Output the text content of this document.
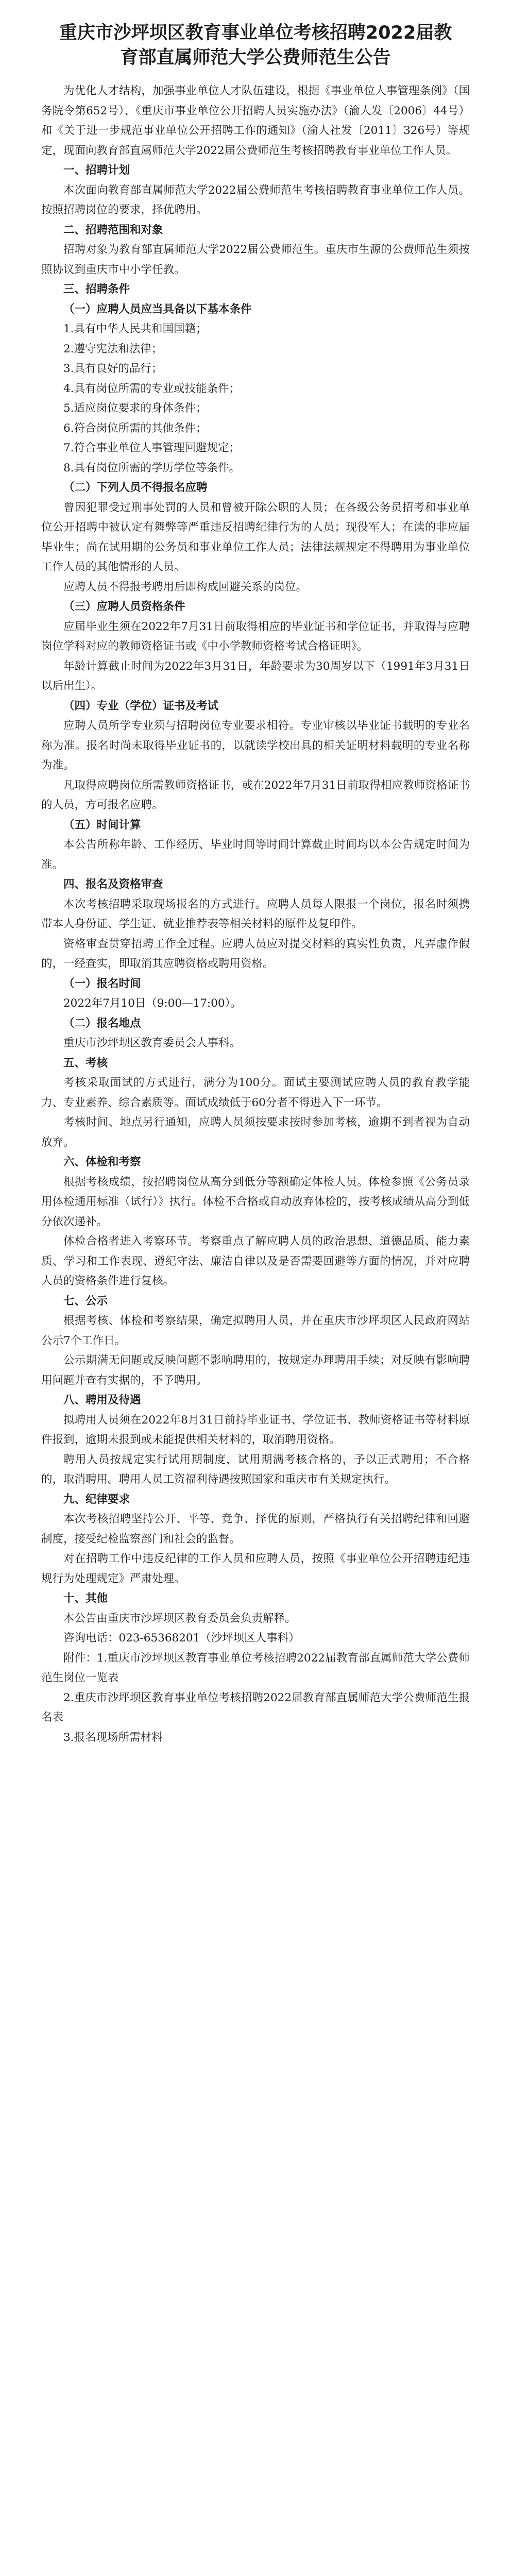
重庆市沙坪坝区教育事业单位考核招聘2022届教育部直属师范大学公费师范生公告

为优化人才结构，加强事业单位人才队伍建设，根据《事业单位人事管理条例》（国务院令第652号）、《重庆市事业单位公开招聘人员实施办法》（渝人发〔2006〕44号）和《关于进一步规范事业单位公开招聘工作的通知》（渝人社发〔2011〕326号）等规定，现面向教育部直属师范大学2022届公费师范生考核招聘教育事业单位工作人员。

一、招聘计划

本次面向教育部直属师范大学2022届公费师范生考核招聘教育事业单位工作人员。按照招聘岗位的要求，择优聘用。

二、招聘范围和对象

招聘对象为教育部直属师范大学2022届公费师范生。重庆市生源的公费师范生须按照协议到重庆市中小学任教。

三、招聘条件

（一）应聘人员应当具备以下基本条件

1.具有中华人民共和国国籍；

2.遵守宪法和法律；

3.具有良好的品行；

4.具有岗位所需的专业或技能条件；

5.适应岗位要求的身体条件；

6.符合岗位所需的其他条件；

7.符合事业单位人事管理回避规定；

8.具有岗位所需的学历学位等条件。

（二）下列人员不得报名应聘

曾因犯罪受过刑事处罚的人员和曾被开除公职的人员；在各级公务员招考和事业单位公开招聘中被认定有舞弊等严重违反招聘纪律行为的人员；现役军人；在读的非应届毕业生；尚在试用期的公务员和事业单位工作人员；法律法规规定不得聘用为事业单位工作人员的其他情形的人员。

应聘人员不得报考聘用后即构成回避关系的岗位。

（三）应聘人员资格条件

应届毕业生须在2022年7月31日前取得相应的毕业证书和学位证书，并取得与应聘岗位学科对应的教师资格证书或《中小学教师资格考试合格证明》。

年龄计算截止时间为2022年3月31日，年龄要求为30周岁以下（1991年3月31日以后出生）。

（四）专业（学位）证书及考试

应聘人员所学专业须与招聘岗位专业要求相符。专业审核以毕业证书载明的专业名称为准。报名时尚未取得毕业证书的，以就读学校出具的相关证明材料载明的专业名称为准。

凡取得应聘岗位所需教师资格证书，或在2022年7月31日前取得相应教师资格证书的人员，方可报名应聘。

（五）时间计算

本公告所称年龄、工作经历、毕业时间等时间计算截止时间均以本公告规定时间为准。

四、报名及资格审查

本次考核招聘采取现场报名的方式进行。应聘人员每人限报一个岗位，报名时须携带本人身份证、学生证、就业推荐表等相关材料的原件及复印件。

资格审查贯穿招聘工作全过程。应聘人员应对提交材料的真实性负责，凡弄虚作假的，一经查实，即取消其应聘资格或聘用资格。

（一）报名时间

2022年7月10日（9:00—17:00）。

（二）报名地点

重庆市沙坪坝区教育委员会人事科。

五、考核

考核采取面试的方式进行，满分为100分。面试主要测试应聘人员的教育教学能力、专业素养、综合素质等。面试成绩低于60分者不得进入下一环节。

考核时间、地点另行通知，应聘人员须按要求按时参加考核，逾期不到者视为自动放弃。

六、体检和考察

根据考核成绩，按招聘岗位从高分到低分等额确定体检人员。体检参照《公务员录用体检通用标准（试行）》执行。体检不合格或自动放弃体检的，按考核成绩从高分到低分依次递补。

体检合格者进入考察环节。考察重点了解应聘人员的政治思想、道德品质、能力素质、学习和工作表现、遵纪守法、廉洁自律以及是否需要回避等方面的情况，并对应聘人员的资格条件进行复核。

七、公示

根据考核、体检和考察结果，确定拟聘用人员，并在重庆市沙坪坝区人民政府网站公示7个工作日。

公示期满无问题或反映问题不影响聘用的，按规定办理聘用手续；对反映有影响聘用问题并查有实据的，不予聘用。

八、聘用及待遇

拟聘用人员须在2022年8月31日前持毕业证书、学位证书、教师资格证书等材料原件报到，逾期未报到或未能提供相关材料的，取消聘用资格。

聘用人员按规定实行试用期制度，试用期满考核合格的，予以正式聘用；不合格的，取消聘用。聘用人员工资福利待遇按照国家和重庆市有关规定执行。

九、纪律要求

本次考核招聘坚持公开、平等、竞争、择优的原则，严格执行有关招聘纪律和回避制度，接受纪检监察部门和社会的监督。

对在招聘工作中违反纪律的工作人员和应聘人员，按照《事业单位公开招聘违纪违规行为处理规定》严肃处理。

十、其他

本公告由重庆市沙坪坝区教育委员会负责解释。

咨询电话：023-65368201（沙坪坝区人事科）

附件：1.重庆市沙坪坝区教育事业单位考核招聘2022届教育部直属师范大学公费师范生岗位一览表

2.重庆市沙坪坝区教育事业单位考核招聘2022届教育部直属师范大学公费师范生报名表

3.报名现场所需材料
